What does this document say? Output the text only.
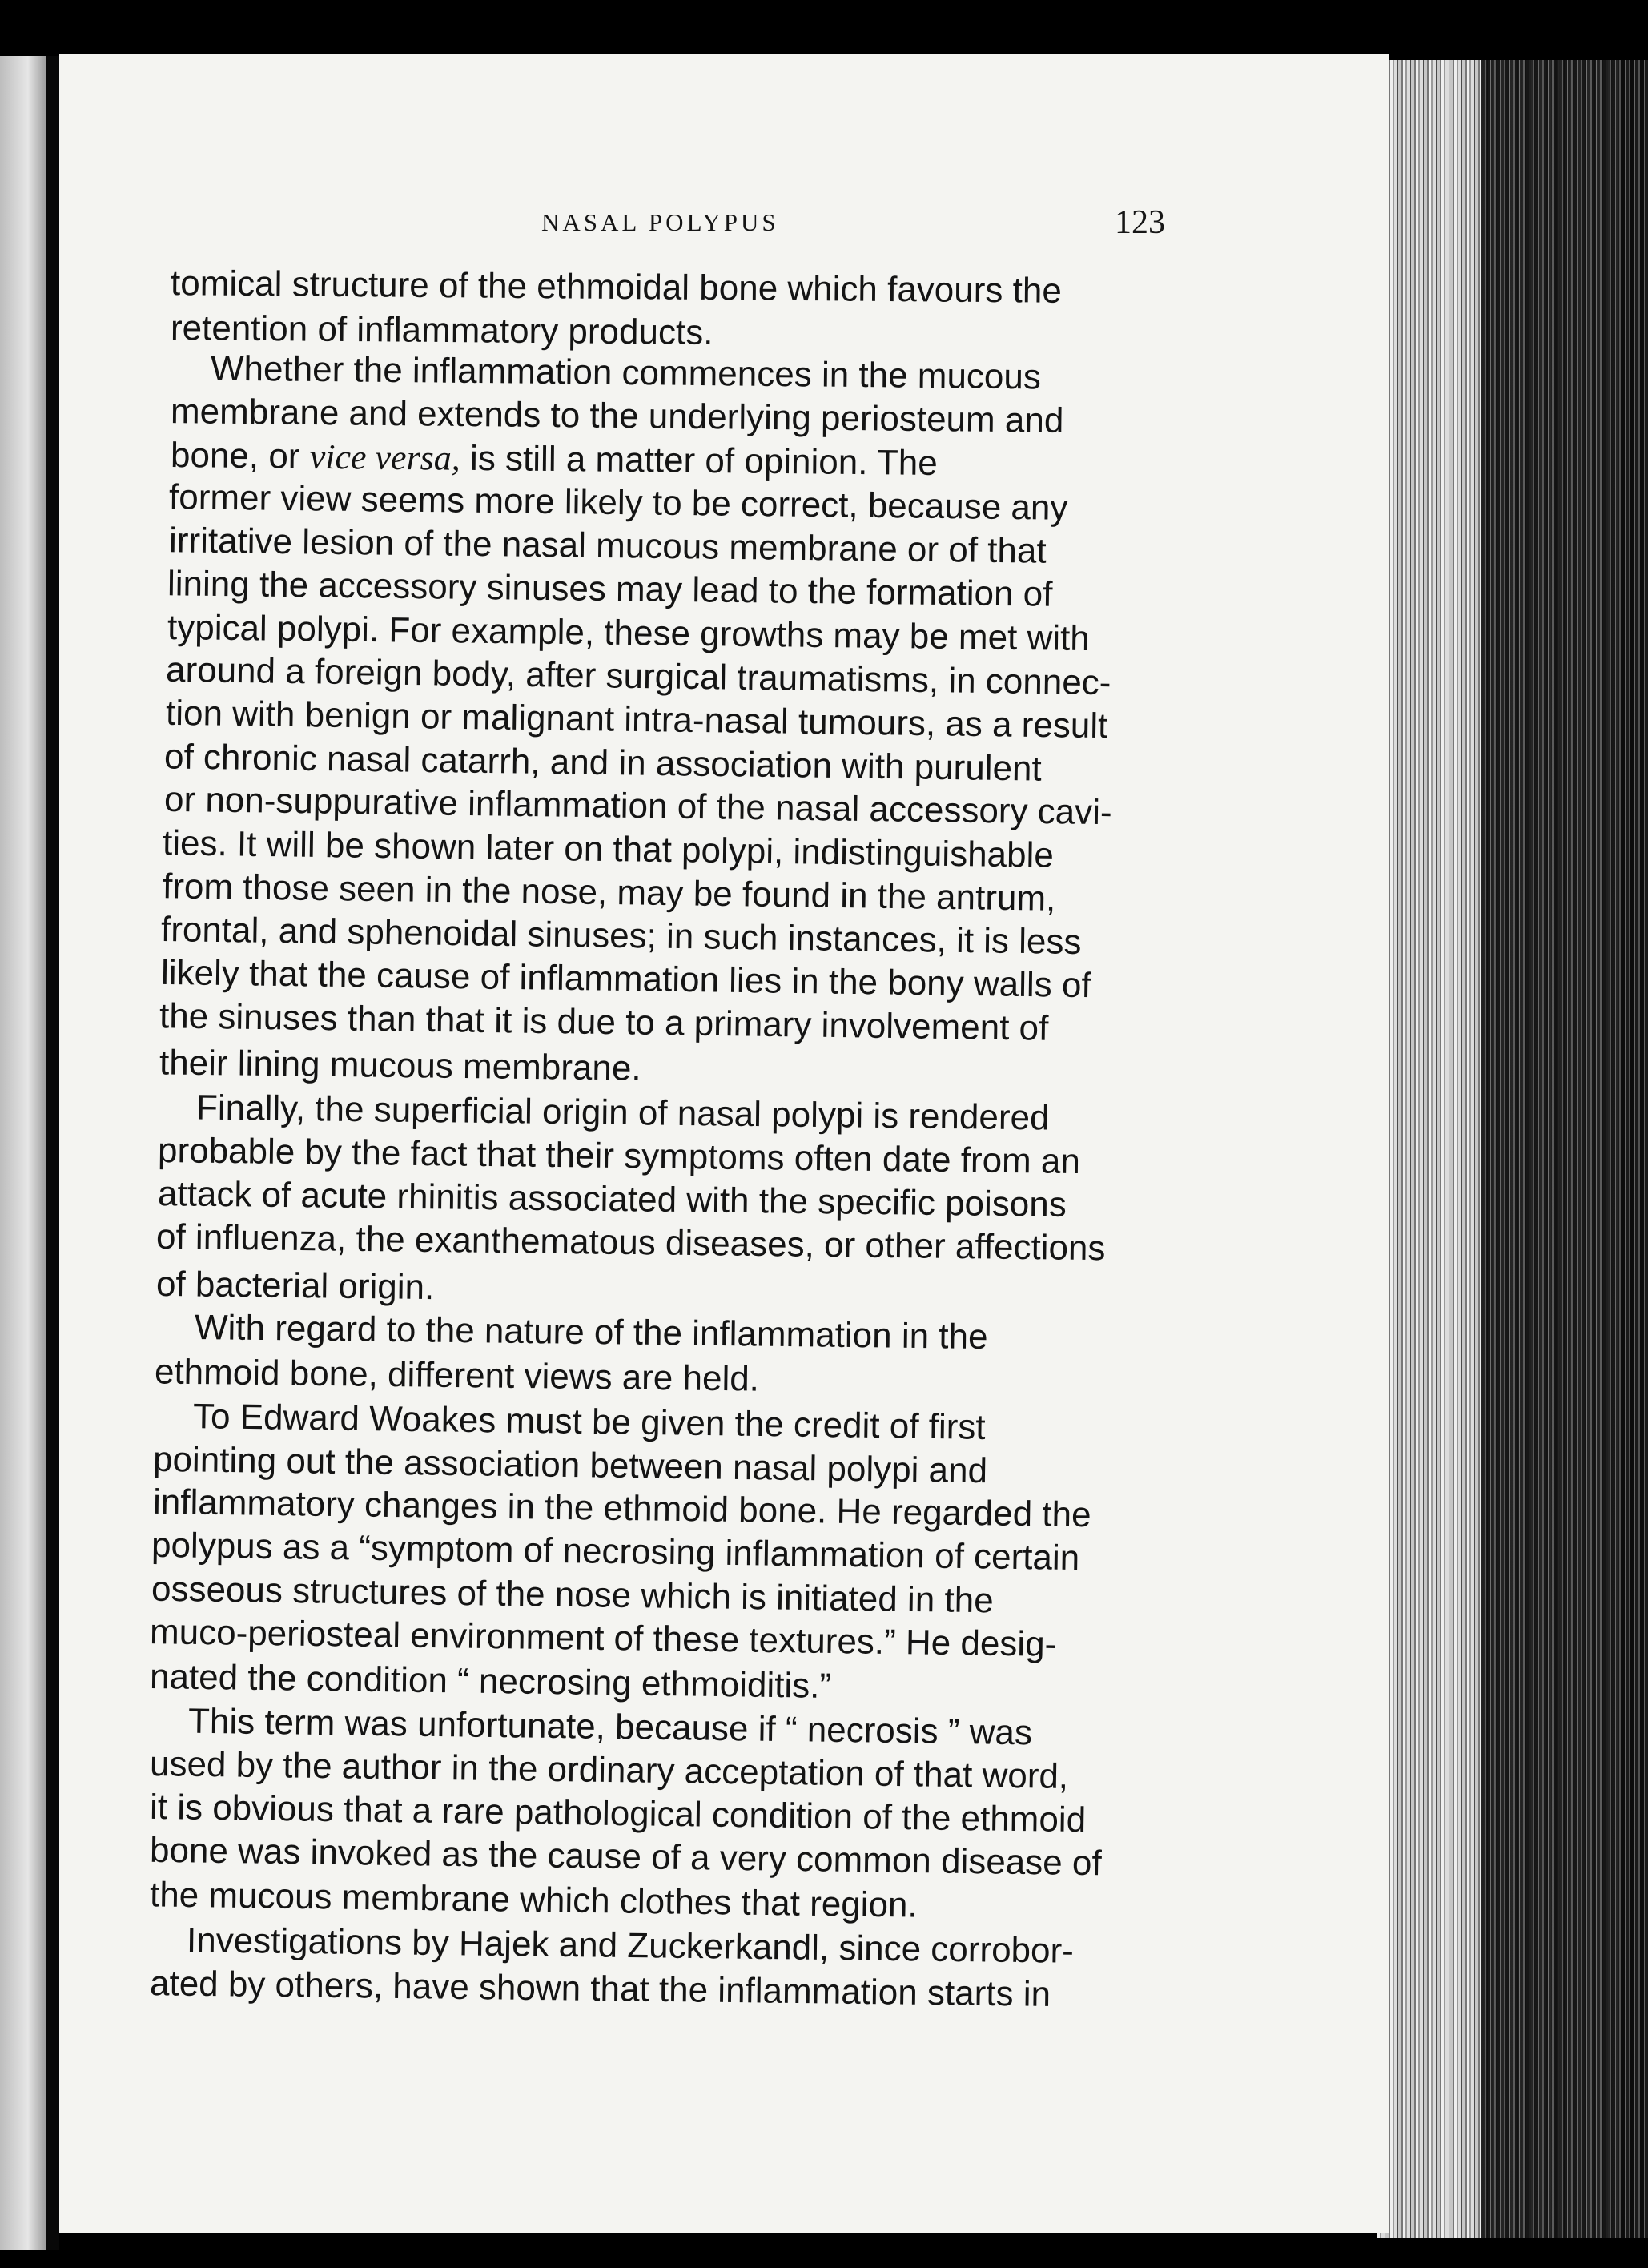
NASAL POLYPUS	123
tomical structure of the ethmoidal bone which favours the
retention of inflammatory products.
Whether the inflammation commences in the mucous
membrane and extends to the underlying periosteum and
bone, or vice versa, is still a matter of opinion. The
former view seems more likely to be correct, because any
irritative lesion of the nasal mucous membrane or of that
lining the accessory sinuses may lead to the formation of
typical polypi. For example, these growths may be met with
around a foreign body, after surgical traumatisms, in connec-
tion with benign or malignant intra-nasal tumours, as a result
of chronic nasal catarrh, and in association with purulent
or non-suppurative inflammation of the nasal accessory cavi-
ties. It will be shown later on that polypi, indistinguishable
from those seen in the nose, may be found in the antrum,
frontal, and sphenoidal sinuses; in such instances, it is less
likely that the cause of inflammation lies in the bony walls of
the sinuses than that it is due to a primary involvement of
their lining mucous membrane.
Finally, the superficial origin of nasal polypi is rendered
probable by the fact that their symptoms often date from an
attack of acute rhinitis associated with the specific poisons
of influenza, the exanthematous diseases, or other affections
of bacterial origin.
With regard to the nature of the inflammation in the
ethmoid bone, different views are held.
To Edward Woakes must be given the credit of first
pointing out the association between nasal polypi and
inflammatory changes in the ethmoid bone. He regarded the
polypus as a “symptom of necrosing inflammation of certain
osseous structures of the nose which is initiated in the
muco-periosteal environment of these textures.” He desig-
nated the condition “ necrosing ethmoiditis.”
This term was unfortunate, because if “ necrosis ” was
used by the author in the ordinary acceptation of that word,
it is obvious that a rare pathological condition of the ethmoid
bone was invoked as the cause of a very common disease of
the mucous membrane which clothes that region.
Investigations by Hajek and Zuckerkandl, since corrobor-
ated by others, have shown that the inflammation starts in
